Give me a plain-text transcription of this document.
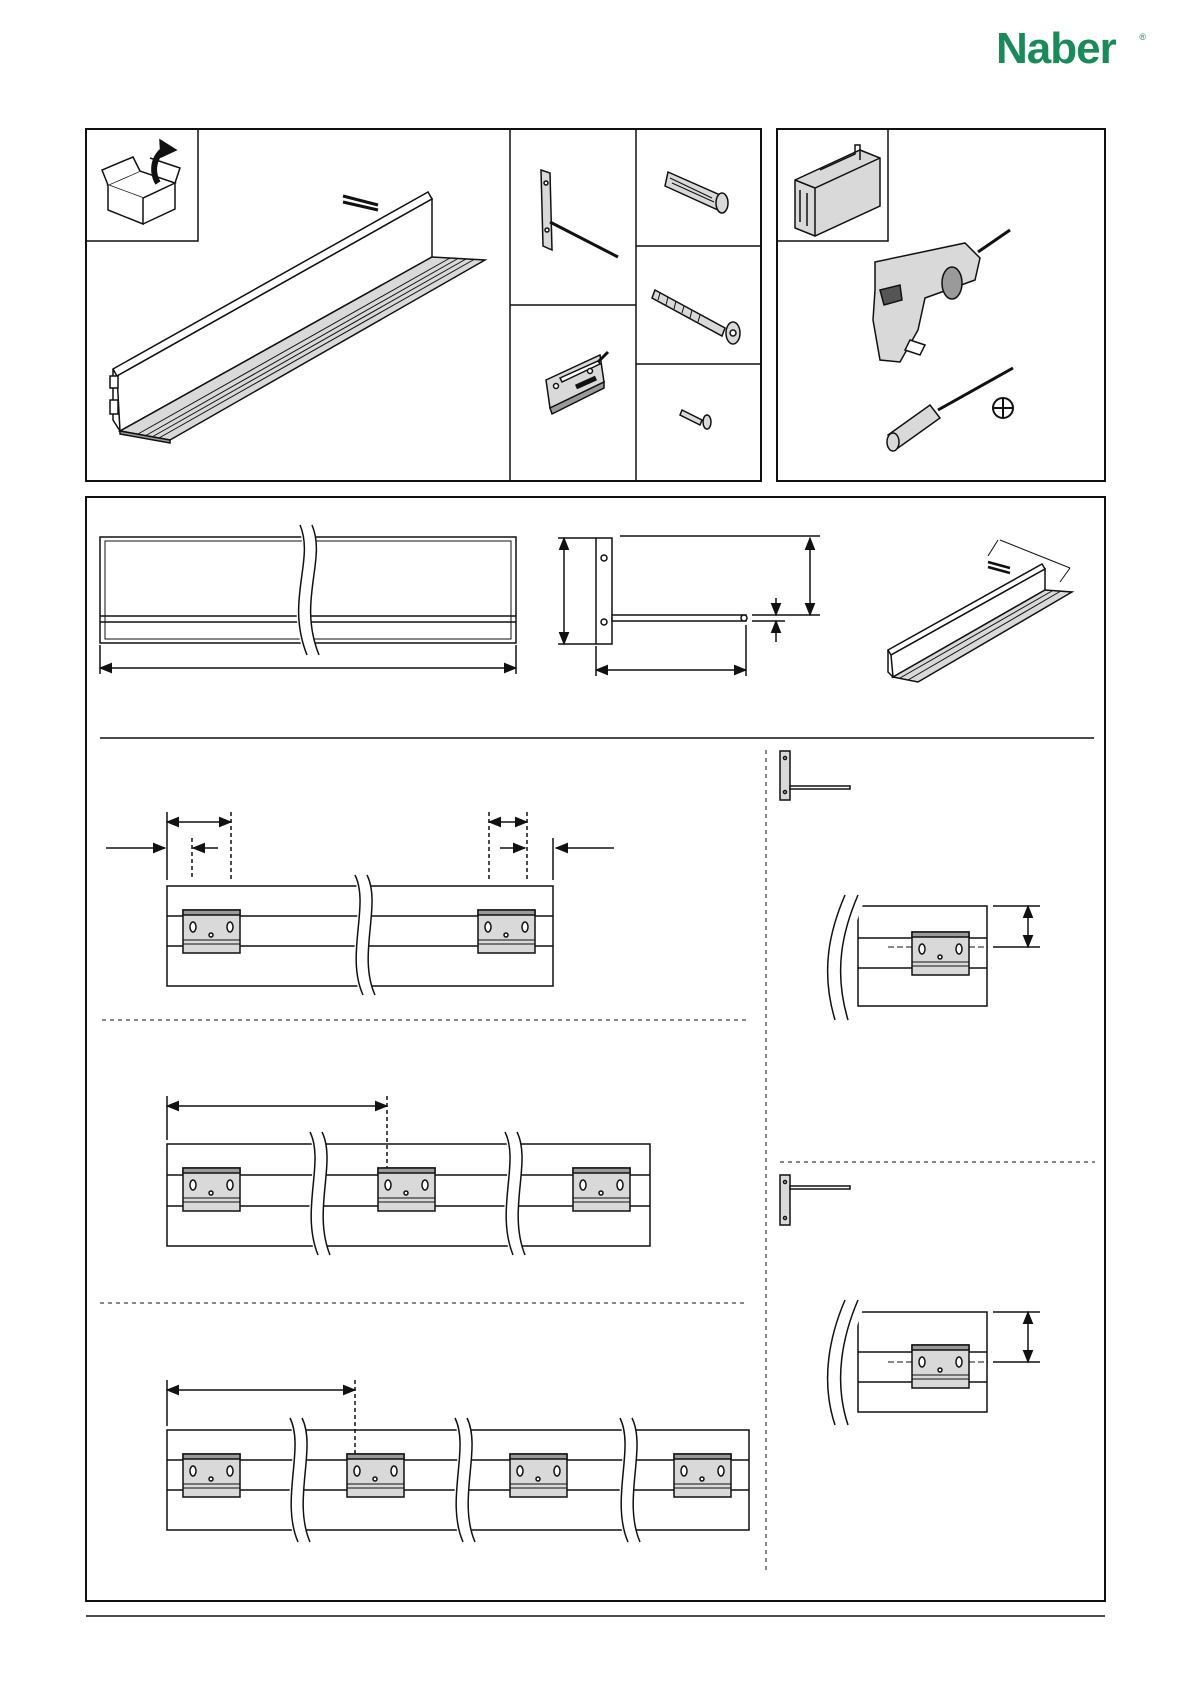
Naber	®
